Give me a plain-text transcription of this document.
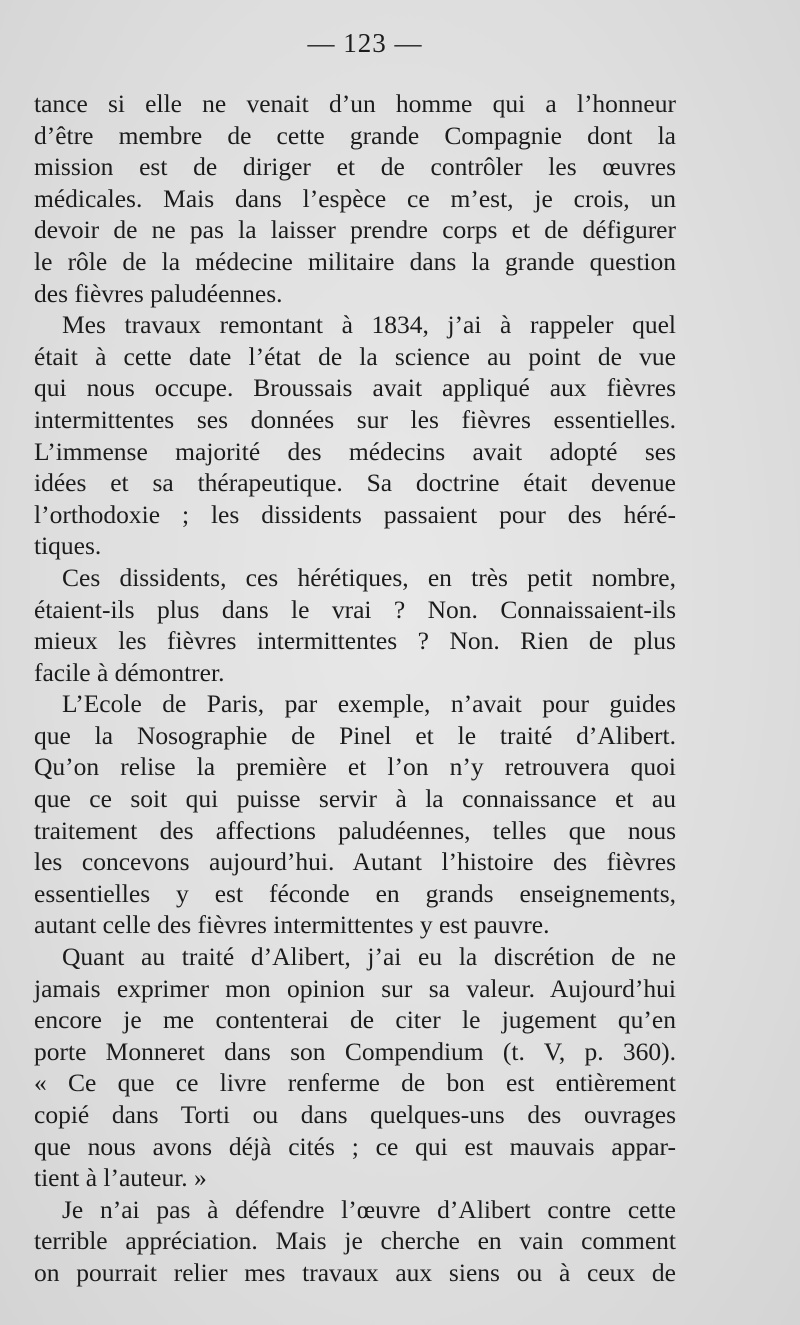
— 123 —
tance si elle ne venait d’un homme qui a l’honneur
d’être membre de cette grande Compagnie dont la
mission est de diriger et de contrôler les œuvres
médicales. Mais dans l’espèce ce m’est, je crois, un
devoir de ne pas la laisser prendre corps et de défigurer
le rôle de la médecine militaire dans la grande question
des fièvres paludéennes.
Mes travaux remontant à 1834, j’ai à rappeler quel
était à cette date l’état de la science au point de vue
qui nous occupe. Broussais avait appliqué aux fièvres
intermittentes ses données sur les fièvres essentielles.
L’immense majorité des médecins avait adopté ses
idées et sa thérapeutique. Sa doctrine était devenue
l’orthodoxie ; les dissidents passaient pour des héré-
tiques.
Ces dissidents, ces hérétiques, en très petit nombre,
étaient-ils plus dans le vrai ? Non. Connaissaient-ils
mieux les fièvres intermittentes ? Non. Rien de plus
facile à démontrer.
L’Ecole de Paris, par exemple, n’avait pour guides
que la Nosographie de Pinel et le traité d’Alibert.
Qu’on relise la première et l’on n’y retrouvera quoi
que ce soit qui puisse servir à la connaissance et au
traitement des affections paludéennes, telles que nous
les concevons aujourd’hui. Autant l’histoire des fièvres
essentielles y est féconde en grands enseignements,
autant celle des fièvres intermittentes y est pauvre.
Quant au traité d’Alibert, j’ai eu la discrétion de ne
jamais exprimer mon opinion sur sa valeur. Aujourd’hui
encore je me contenterai de citer le jugement qu’en
porte Monneret dans son Compendium (t. V, p. 360).
« Ce que ce livre renferme de bon est entièrement
copié dans Torti ou dans quelques-uns des ouvrages
que nous avons déjà cités ; ce qui est mauvais appar-
tient à l’auteur. »
Je n’ai pas à défendre l’œuvre d’Alibert contre cette
terrible appréciation. Mais je cherche en vain comment
on pourrait relier mes travaux aux siens ou à ceux de
